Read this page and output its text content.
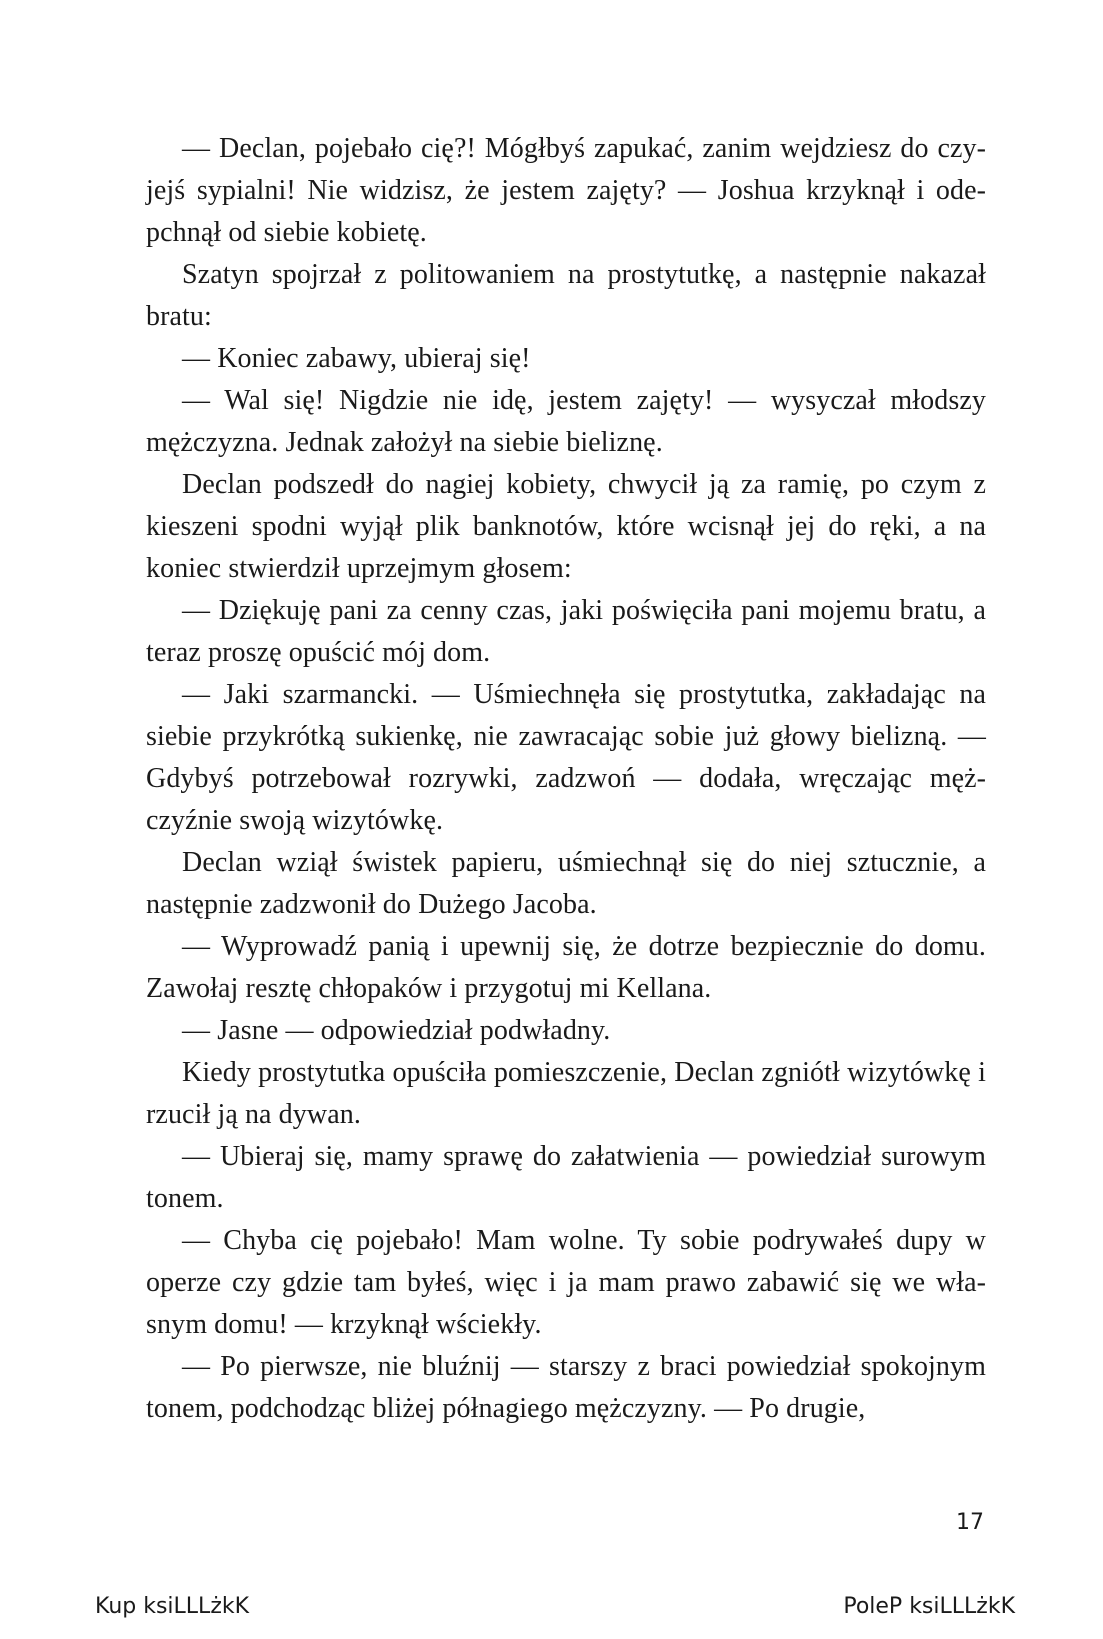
— Declan, pojebało cię?! Mógłbyś zapukać, zanim wejdziesz do czyjejś sypialni! Nie widzisz, że jestem zajęty? — Joshua krzyknął i odepchnął od siebie kobietę.

Szatyn spojrzał z politowaniem na prostytutkę, a następnie nakazał bratu:

— Koniec zabawy, ubieraj się!

— Wal się! Nigdzie nie idę, jestem zajęty! — wysyczał młodszy mężczyzna. Jednak założył na siebie bieliznę.

Declan podszedł do nagiej kobiety, chwycił ją za ramię, po czym z kieszeni spodni wyjął plik banknotów, które wcisnął jej do ręki, a na koniec stwierdził uprzejmym głosem:

— Dziękuję pani za cenny czas, jaki poświęciła pani mojemu bratu, a teraz proszę opuścić mój dom.

— Jaki szarmancki. — Uśmiechnęła się prostytutka, zakładając na siebie przykrótką sukienkę, nie zawracając sobie już głowy bielizną. — Gdybyś potrzebował rozrywki, zadzwoń — dodała, wręczając mężczyźnie swoją wizytówkę.

Declan wziął świstek papieru, uśmiechnął się do niej sztucznie, a następnie zadzwonił do Dużego Jacoba.

— Wyprowadź panią i upewnij się, że dotrze bezpiecznie do domu. Zawołaj resztę chłopaków i przygotuj mi Kellana.

— Jasne — odpowiedział podwładny.

Kiedy prostytutka opuściła pomieszczenie, Declan zgniótł wizytówkę i rzucił ją na dywan.

— Ubieraj się, mamy sprawę do załatwienia — powiedział surowym tonem.

— Chyba cię pojebało! Mam wolne. Ty sobie podrywałeś dupy w operze czy gdzie tam byłeś, więc i ja mam prawo zabawić się we własnym domu! — krzyknął wściekły.

— Po pierwsze, nie bluźnij — starszy z braci powiedział spokojnym tonem, podchodząc bliżej półnagiego mężczyzny. — Po drugie,

17
Kup ksiLLLżkK	PoleP ksiLLLżkK
